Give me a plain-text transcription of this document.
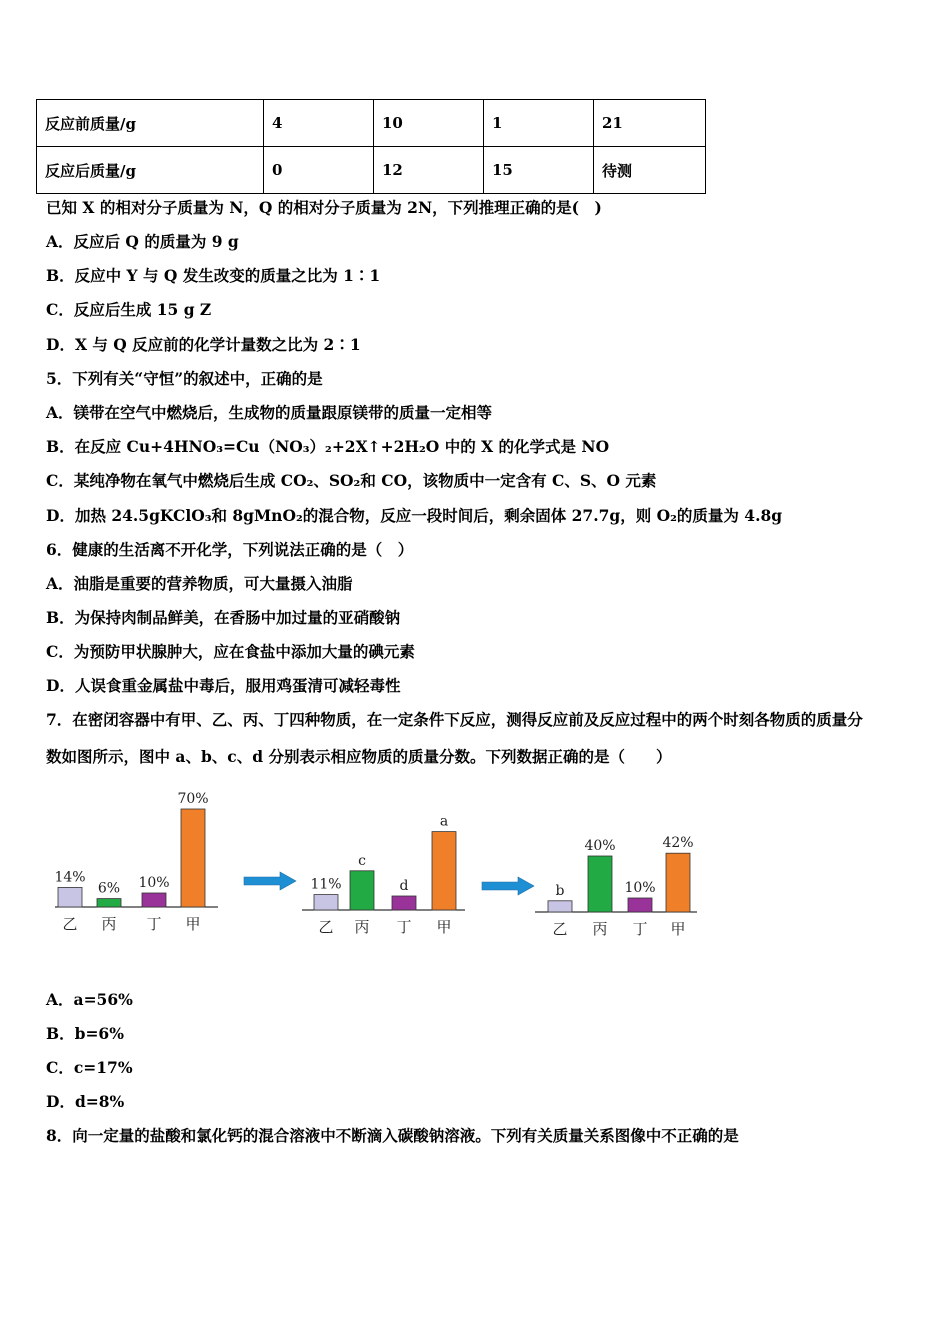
反应前质量/g	4	10	1	21
反应后质量/g	0	12	15	待测
已知 X 的相对分子质量为 N，Q 的相对分子质量为 2N，下列推理正确的是(　)
A．反应后 Q 的质量为 9 g
B．反应中 Y 与 Q 发生改变的质量之比为 1∶1
C．反应后生成 15 g Z
D．X 与 Q 反应前的化学计量数之比为 2∶1
5．下列有关“守恒”的叙述中，正确的是
A．镁带在空气中燃烧后，生成物的质量跟原镁带的质量一定相等
B．在反应 Cu+4HNO₃=Cu（NO₃）₂+2X↑+2H₂O 中的 X 的化学式是 NO
C．某纯净物在氧气中燃烧后生成 CO₂、SO₂和 CO，该物质中一定含有 C、S、O 元素
D．加热 24.5gKClO₃和 8gMnO₂的混合物，反应一段时间后，剩余固体 27.7g，则 O₂的质量为 4.8g
6．健康的生活离不开化学，下列说法正确的是（　）
A．油脂是重要的营养物质，可大量摄入油脂
B．为保持肉制品鲜美，在香肠中加过量的亚硝酸钠
C．为预防甲状腺肿大，应在食盐中添加大量的碘元素
D．人误食重金属盐中毒后，服用鸡蛋清可减轻毒性
7．在密闭容器中有甲、乙、丙、丁四种物质，在一定条件下反应，测得反应前及反应过程中的两个时刻各物质的质量分
数如图所示，图中 a、b、c、d 分别表示相应物质的质量分数。下列数据正确的是（　　）
14%
乙
6%
丙
10%
丁
70%
甲
11%
乙
c
丙
d
丁
a
甲
b
乙
40%
丙
10%
丁
42%
甲
A．a=56%
B．b=6%
C．c=17%
D．d=8%
8．向一定量的盐酸和氯化钙的混合溶液中不断滴入碳酸钠溶液。下列有关质量关系图像中不正确的是
